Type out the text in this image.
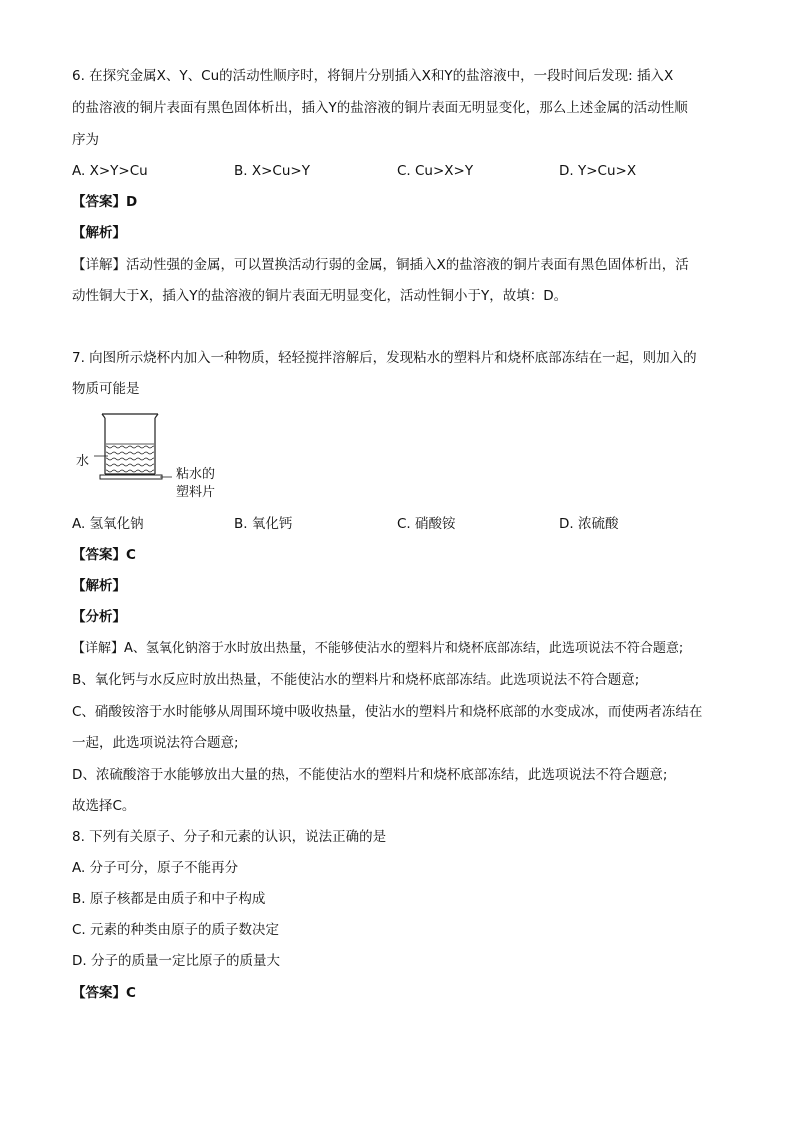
6. 在探究金属X、Y、Cu的活动性顺序时，将铜片分别插入X和Y的盐溶液中，一段时间后发现: 插入X
的盐溶液的铜片表面有黑色固体析出，插入Y的盐溶液的铜片表面无明显变化，那么上述金属的活动性顺
序为
A. X>Y>Cu	B. X>Cu>Y	C. Cu>X>Y	D. Y>Cu>X
【答案】D
【解析】
【详解】活动性强的金属，可以置换活动行弱的金属，铜插入X的盐溶液的铜片表面有黑色固体析出，活
动性铜大于X，插入Y的盐溶液的铜片表面无明显变化，活动性铜小于Y，故填：D。
7. 向图所示烧杯内加入一种物质，轻轻搅拌溶解后，发现粘水的塑料片和烧杯底部冻结在一起，则加入的
物质可能是
水
粘水的
塑料片
A. 氢氧化钠	B. 氧化钙	C. 硝酸铵	D. 浓硫酸
【答案】C
【解析】
【分析】
【详解】A、氢氧化钠溶于水时放出热量，不能够使沾水的塑料片和烧杯底部冻结，此选项说法不符合题意;
B、氧化钙与水反应时放出热量，不能使沾水的塑料片和烧杯底部冻结。此选项说法不符合题意;
C、硝酸铵溶于水时能够从周围环境中吸收热量，使沾水的塑料片和烧杯底部的水变成冰，而使两者冻结在
一起，此选项说法符合题意;
D、浓硫酸溶于水能够放出大量的热，不能使沾水的塑料片和烧杯底部冻结，此选项说法不符合题意;
故选择C。
8. 下列有关原子、分子和元素的认识，说法正确的是
A. 分子可分，原子不能再分
B. 原子核都是由质子和中子构成
C. 元素的种类由原子的质子数决定
D. 分子的质量一定比原子的质量大
【答案】C
